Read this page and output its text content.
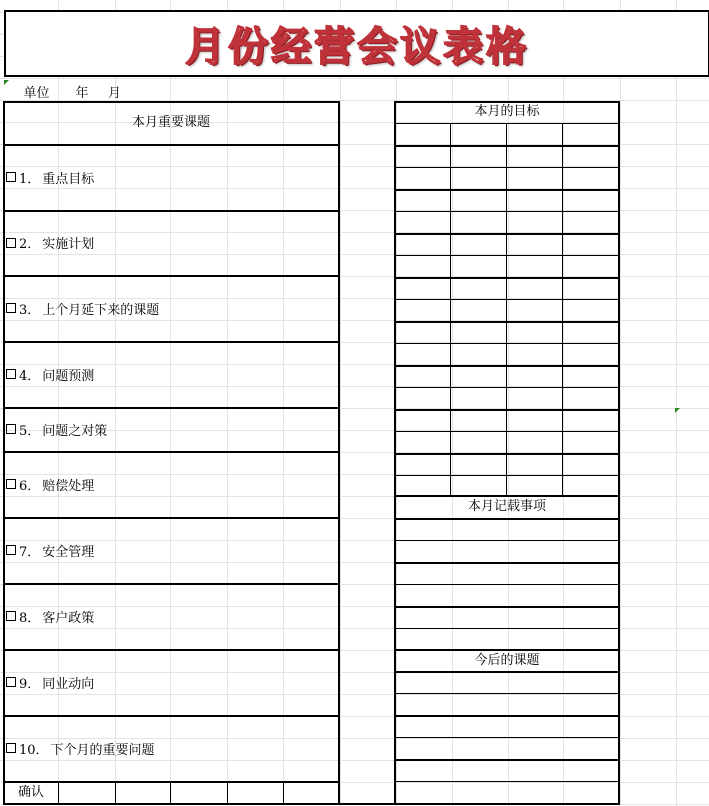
月份经营会议表格
单位 年 月
本月重要课题
1． 重点目标
2． 实施计划
3． 上个月延下来的课题
4． 问题预测
5． 问题之对策
6． 赔偿处理
7． 安全管理
8． 客户政策
9． 同业动向
10． 下个月的重要问题
确认
本月的目标
本月记载事项
今后的课题
